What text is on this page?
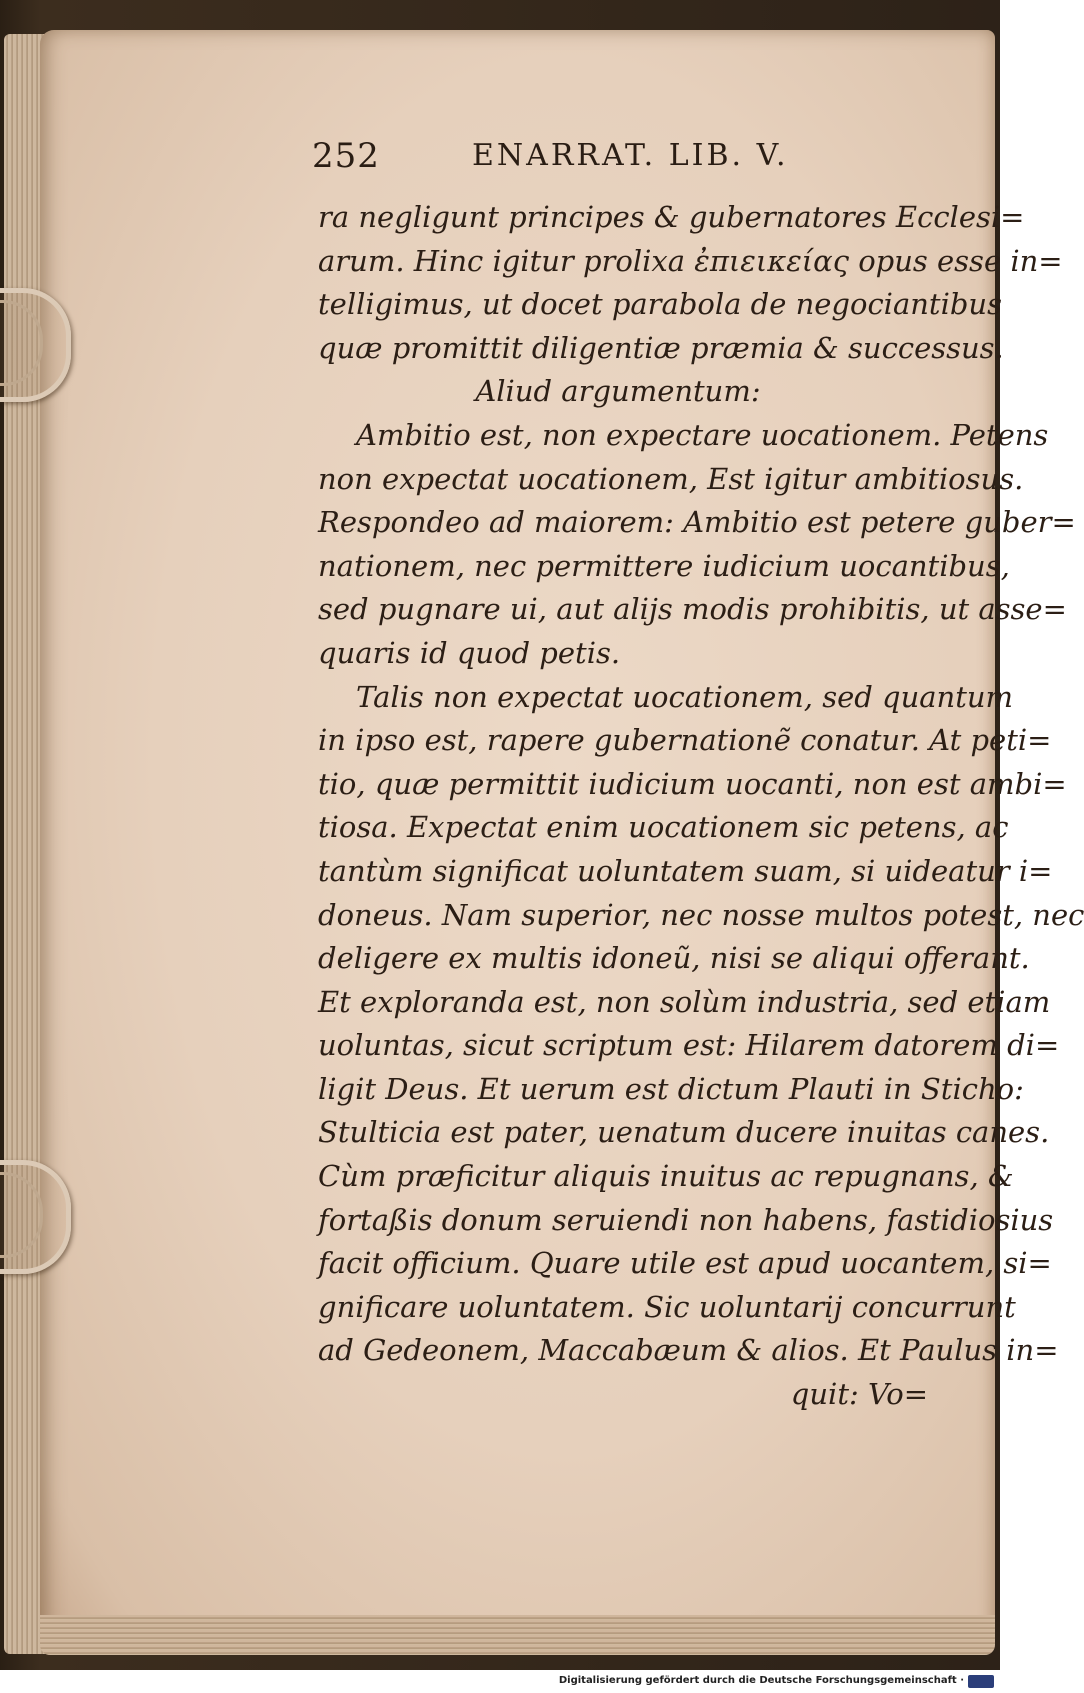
252	ENARRAT. LIB. V.
ra negligunt principes & gubernatores Ecclesi=
arum. Hinc igitur prolixa ἐπιεικείας opus esse in=
telligimus, ut docet parabola de negociantibus
quæ promittit diligentiæ præmia & successus.
Aliud argumentum:
Ambitio est, non expectare uocationem. Petens
non expectat uocationem, Est igitur ambitiosus.
Respondeo ad maiorem: Ambitio est petere guber=
nationem, nec permittere iudicium uocantibus,
sed pugnare ui, aut alijs modis prohibitis, ut asse=
quaris id quod petis.
Talis non expectat uocationem, sed quantum
in ipso est, rapere gubernationẽ conatur. At peti=
tio, quæ permittit iudicium uocanti, non est ambi=
tiosa. Expectat enim uocationem sic petens, ac
tantùm significat uoluntatem suam, si uideatur i=
doneus. Nam superior, nec nosse multos potest, nec
deligere ex multis idoneũ, nisi se aliqui offerant.
Et exploranda est, non solùm industria, sed etiam
uoluntas, sicut scriptum est: Hilarem datorem di=
ligit Deus. Et uerum est dictum Plauti in Sticho:
Stulticia est pater, uenatum ducere inuitas canes.
Cùm præficitur aliquis inuitus ac repugnans, &
fortaßis donum seruiendi non habens, fastidiosius
facit officium. Quare utile est apud uocantem, si=
gnificare uoluntatem. Sic uoluntarij concurrunt
ad Gedeonem, Maccabæum & alios. Et Paulus in=
quit: Vo=
Digitalisierung gefördert durch die Deutsche Forschungsgemeinschaft ·
